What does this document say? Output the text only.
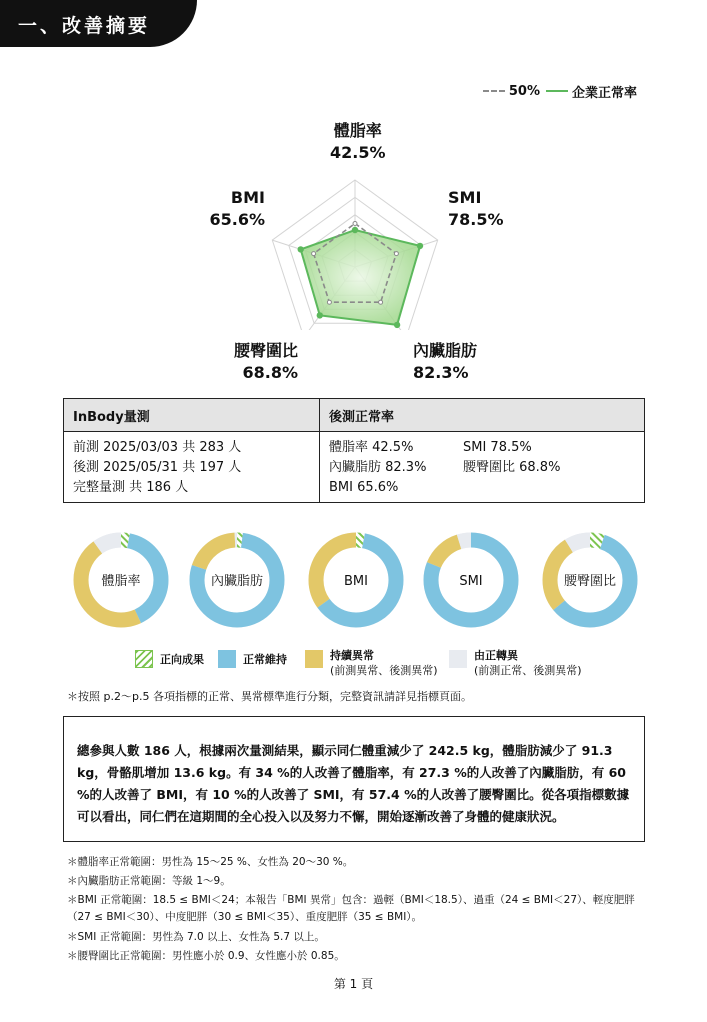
一、改善摘要
50% 企業正常率
體脂率
42.5%
SMI
78.5%
內臟脂肪
82.3%
腰臀圍比
68.8%
BMI
65.6%
InBody量測	後測正常率
前測 2025/03/03 共 283 人
後測 2025/05/31 共 197 人
完整量測 共 186 人
體脂率 42.5%	SMI 78.5%
內臟脂肪 82.3%	腰臀圍比 68.8%
BMI 65.6%
體脂率	內臟脂肪	BMI	SMI	腰臀圍比
正向成果	正常維持	持續異常
(前測異常、後測異常)
由正轉異
(前測正常、後測異常)
＊按照 p.2～p.5 各項指標的正常、異常標準進行分類，完整資訊請詳見指標頁面。
總參與人數 186 人，根據兩次量測結果，顯示同仁體重減少了 242.5 kg，體脂肪減少了 91.3 kg，骨骼肌增加 13.6 kg。有 34 %的人改善了體脂率，有 27.3 %的人改善了內臟脂肪，有 60 %的人改善了 BMI，有 10 %的人改善了 SMI，有 57.4 %的人改善了腰臀圍比。從各項指標數據可以看出，同仁們在這期間的全心投入以及努力不懈，開始逐漸改善了身體的健康狀況。
＊體脂率正常範圍：男性為 15～25 %、女性為 20～30 %。
＊內臟脂肪正常範圍：等級 1～9。
＊BMI 正常範圍：18.5 ≤ BMI＜24；本報告「BMI 異常」包含：過輕（BMI＜18.5）、過重（24 ≤ BMI＜27）、輕度肥胖（27 ≤ BMI＜30）、中度肥胖（30 ≤ BMI＜35）、重度肥胖（35 ≤ BMI）。
＊SMI 正常範圍：男性為 7.0 以上、女性為 5.7 以上。
＊腰臀圍比正常範圍：男性應小於 0.9、女性應小於 0.85。
第 1 頁
